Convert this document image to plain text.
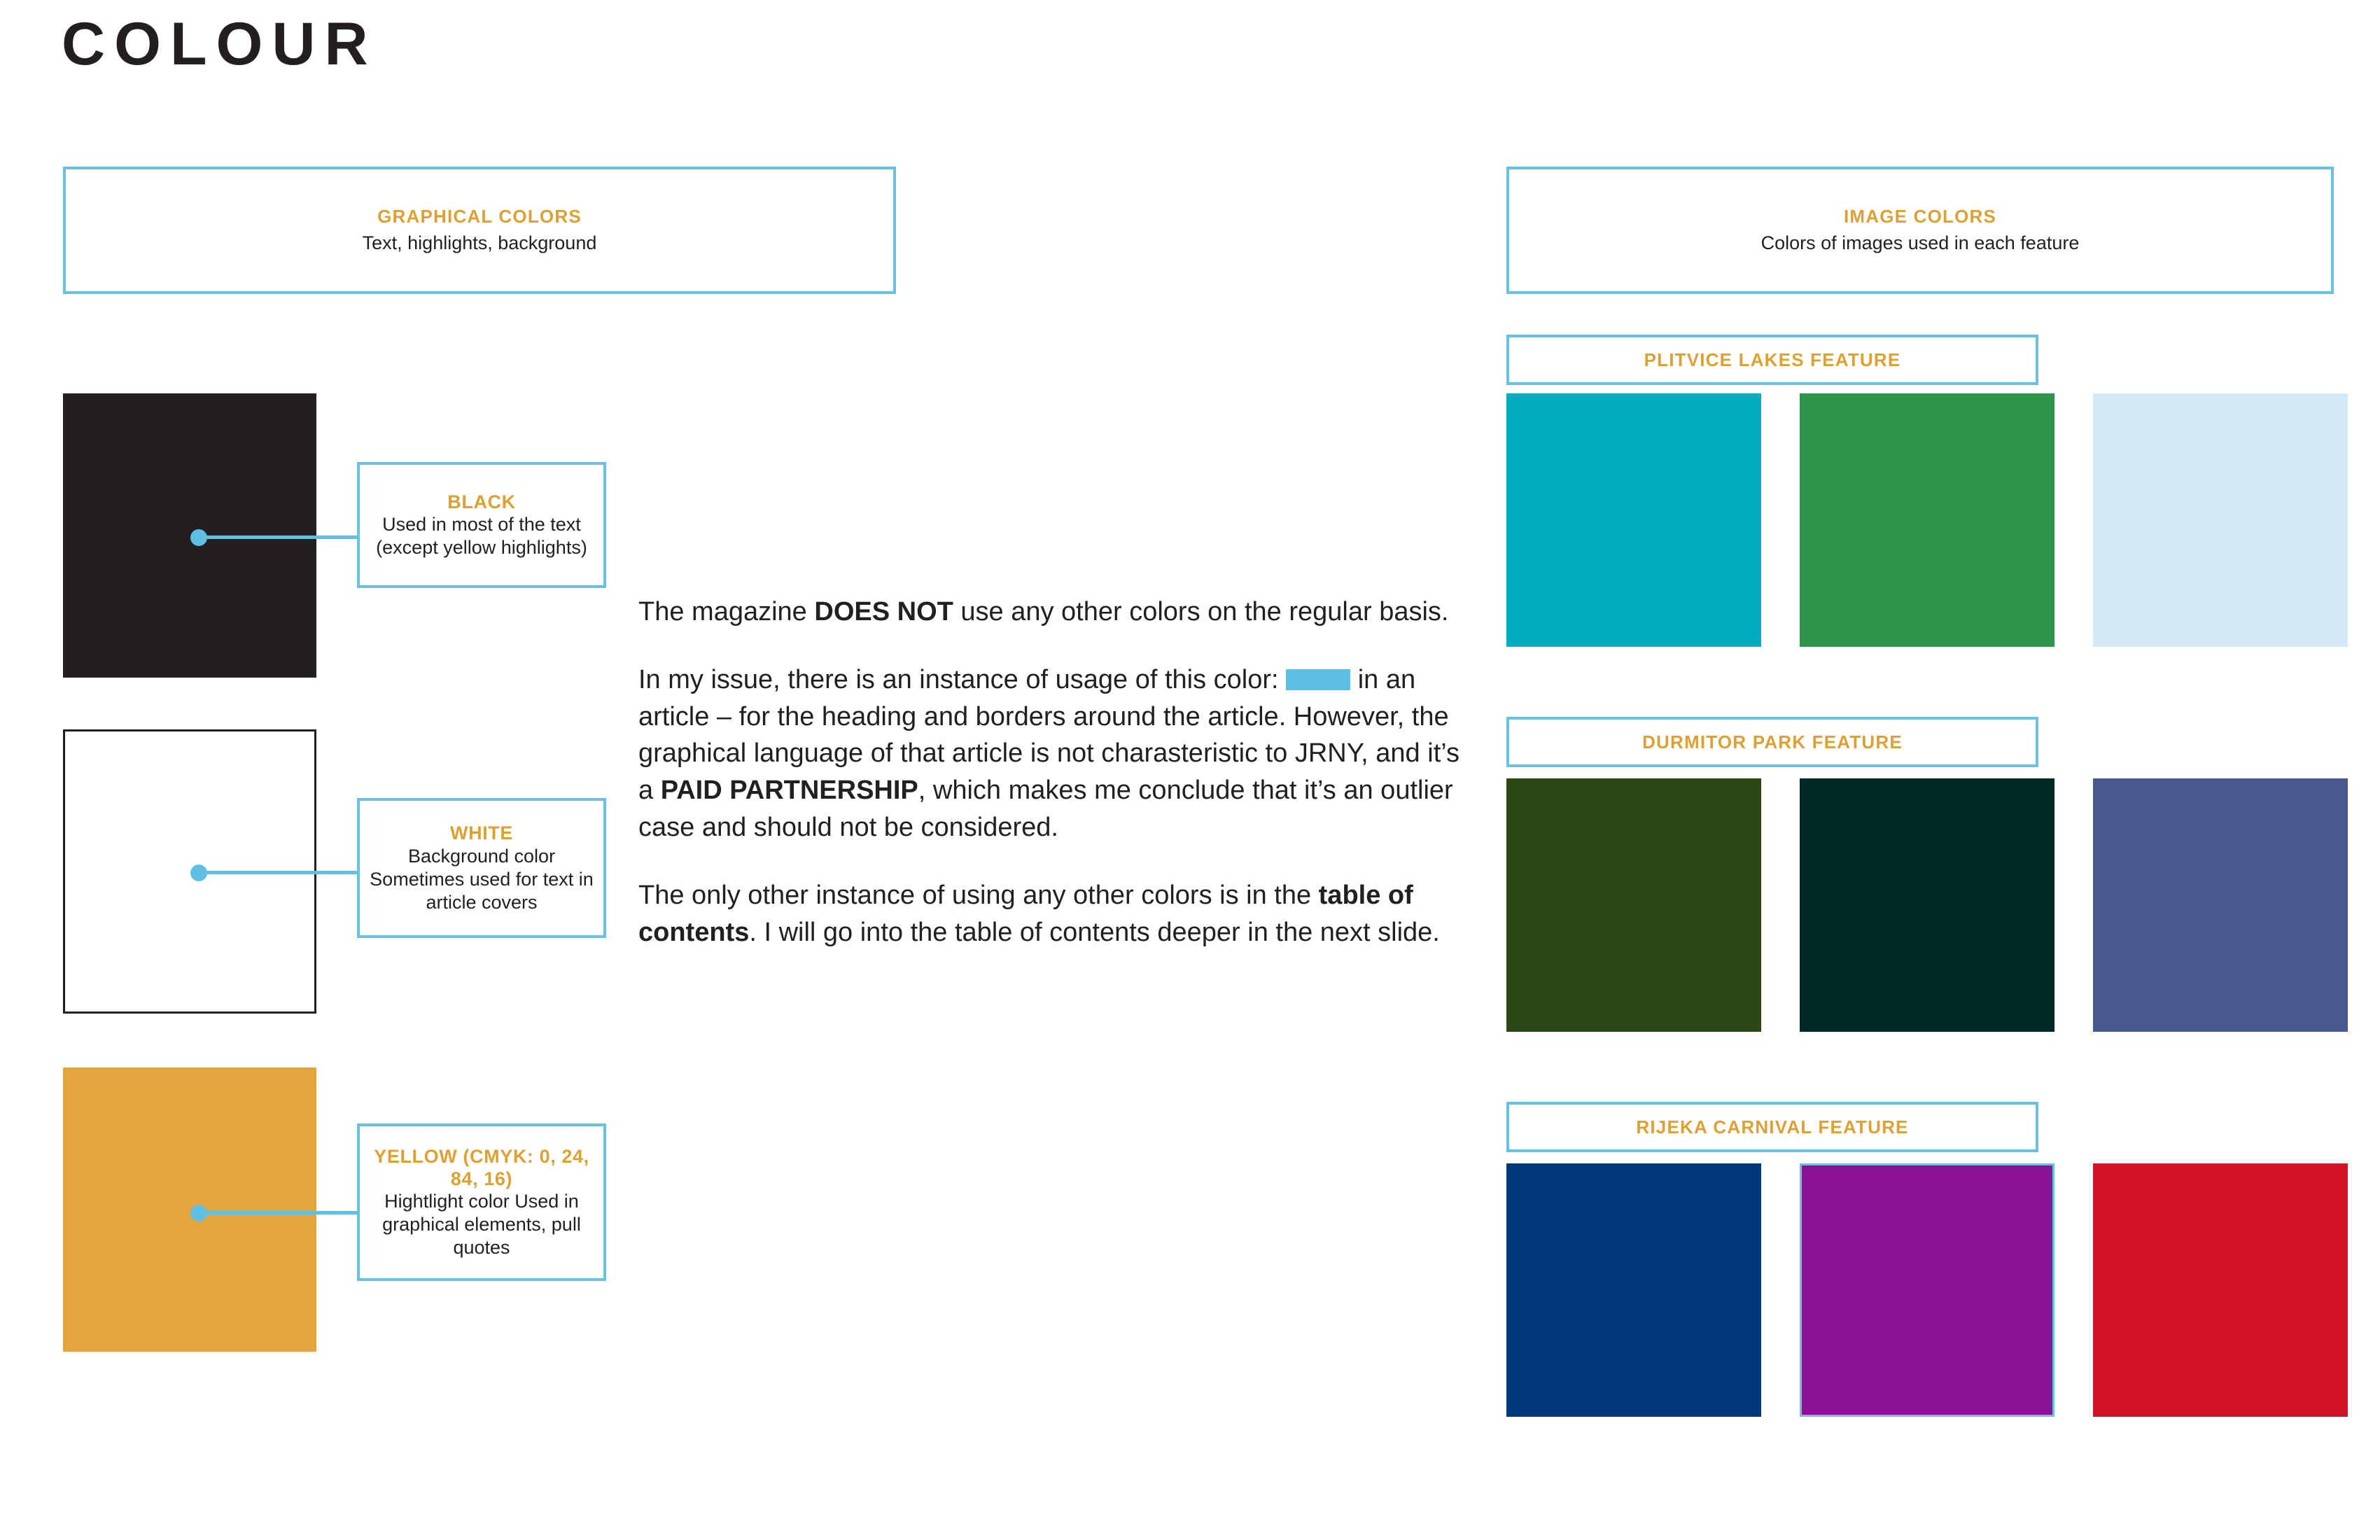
COLOUR
GRAPHICAL COLORS
Text, highlights, background
IMAGE COLORS
Colors of images used in each feature
BLACK
Used in most of the text (except yellow highlights)
WHITE
Background color Sometimes used for text in article covers
YELLOW (CMYK: 0, 24, 84, 16)
Hightlight color Used in graphical elements, pull quotes

The magazine DOES NOT use any other colors on the regular basis.

In my issue, there is an instance of usage of this color:  in an article – for the heading and borders around the article. However, the graphical language of that article is not charasteristic to JRNY, and it’s a PAID PARTNERSHIP, which makes me conclude that it’s an outlier case and should not be considered.

The only other instance of using any other colors is in the table of contents. I will go into the table of contents deeper in the next slide.

PLITVICE LAKES FEATURE
DURMITOR PARK FEATURE
RIJEKA CARNIVAL FEATURE
